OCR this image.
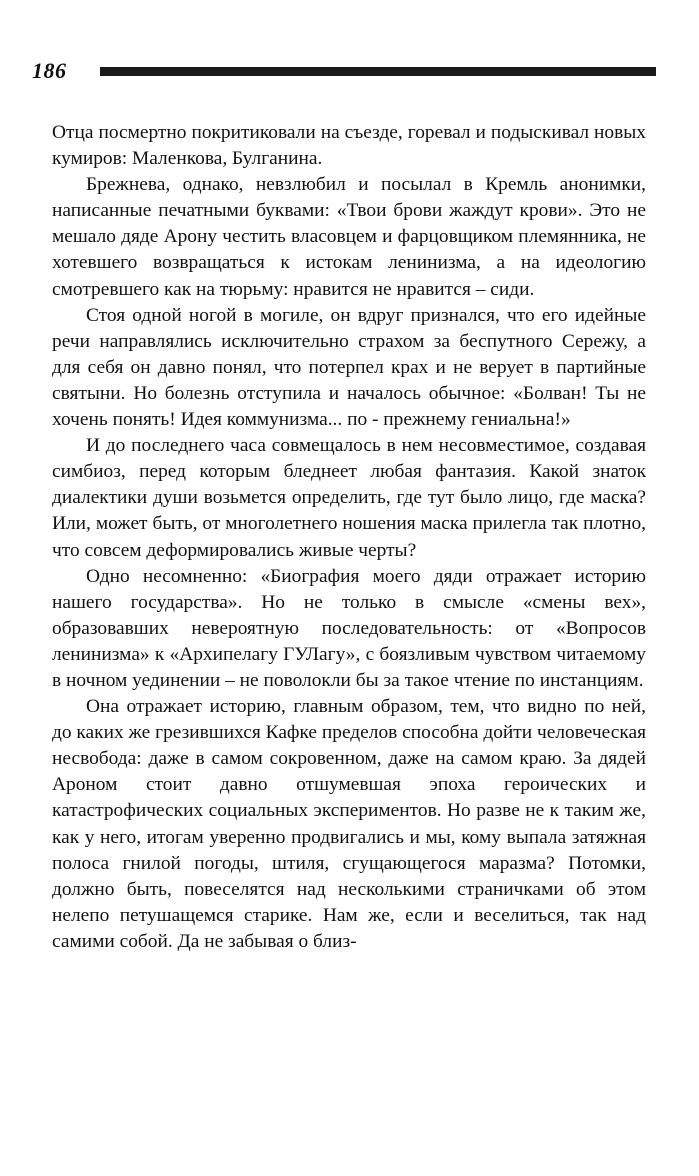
186

Отца посмертно покритиковали на съезде, горевал и подыскивал новых кумиров: Маленкова, Булганина.

Брежнева, однако, невзлюбил и посылал в Кремль анонимки, написанные печатными буквами: «Твои брови жаждут крови». Это не мешало дяде Арону честить власовцем и фарцовщиком племянника, не хотевшего возвращаться к истокам ленинизма, а на идеологию смотревшего как на тюрьму: нравится не нравится – сиди.

Стоя одной ногой в могиле, он вдруг признался, что его идейные речи направлялись исключительно страхом за беспутного Сережу, а для себя он давно понял, что потерпел крах и не верует в партийные святыни. Но болезнь отступила и началось обычное: «Болван! Ты не хочень понять! Идея коммунизма... по - прежнему гениальна!»

И до последнего часа совмещалось в нем несовместимое, создавая симбиоз, перед которым бледнеет любая фантазия. Какой знаток диалектики души возьмется определить, где тут было лицо, где маска? Или, может быть, от многолетнего ношения маска прилегла так плотно, что совсем деформировались живые черты?

Одно несомненно: «Биография моего дяди отражает историю нашего государства». Но не только в смысле «смены вех», образовавших невероятную последовательность: от «Вопросов ленинизма» к «Архипелагу ГУЛагу», с боязливым чувством читаемому в ночном уединении – не поволокли бы за такое чтение по инстанциям.

Она отражает историю, главным образом, тем, что видно по ней, до каких же грезившихся Кафке пределов способна дойти человеческая несвобода: даже в самом сокровенном, даже на самом краю. За дядей Ароном стоит давно отшумевшая эпоха героических и катастрофических социальных экспериментов. Но разве не к таким же, как у него, итогам уверенно продвигались и мы, кому выпала затяжная полоса гнилой погоды, штиля, сгущающегося маразма? Потомки, должно быть, повеселятся над несколькими страничками об этом нелепо петушащемся старике. Нам же, если и веселиться, так над самими собой. Да не забывая о близ-
